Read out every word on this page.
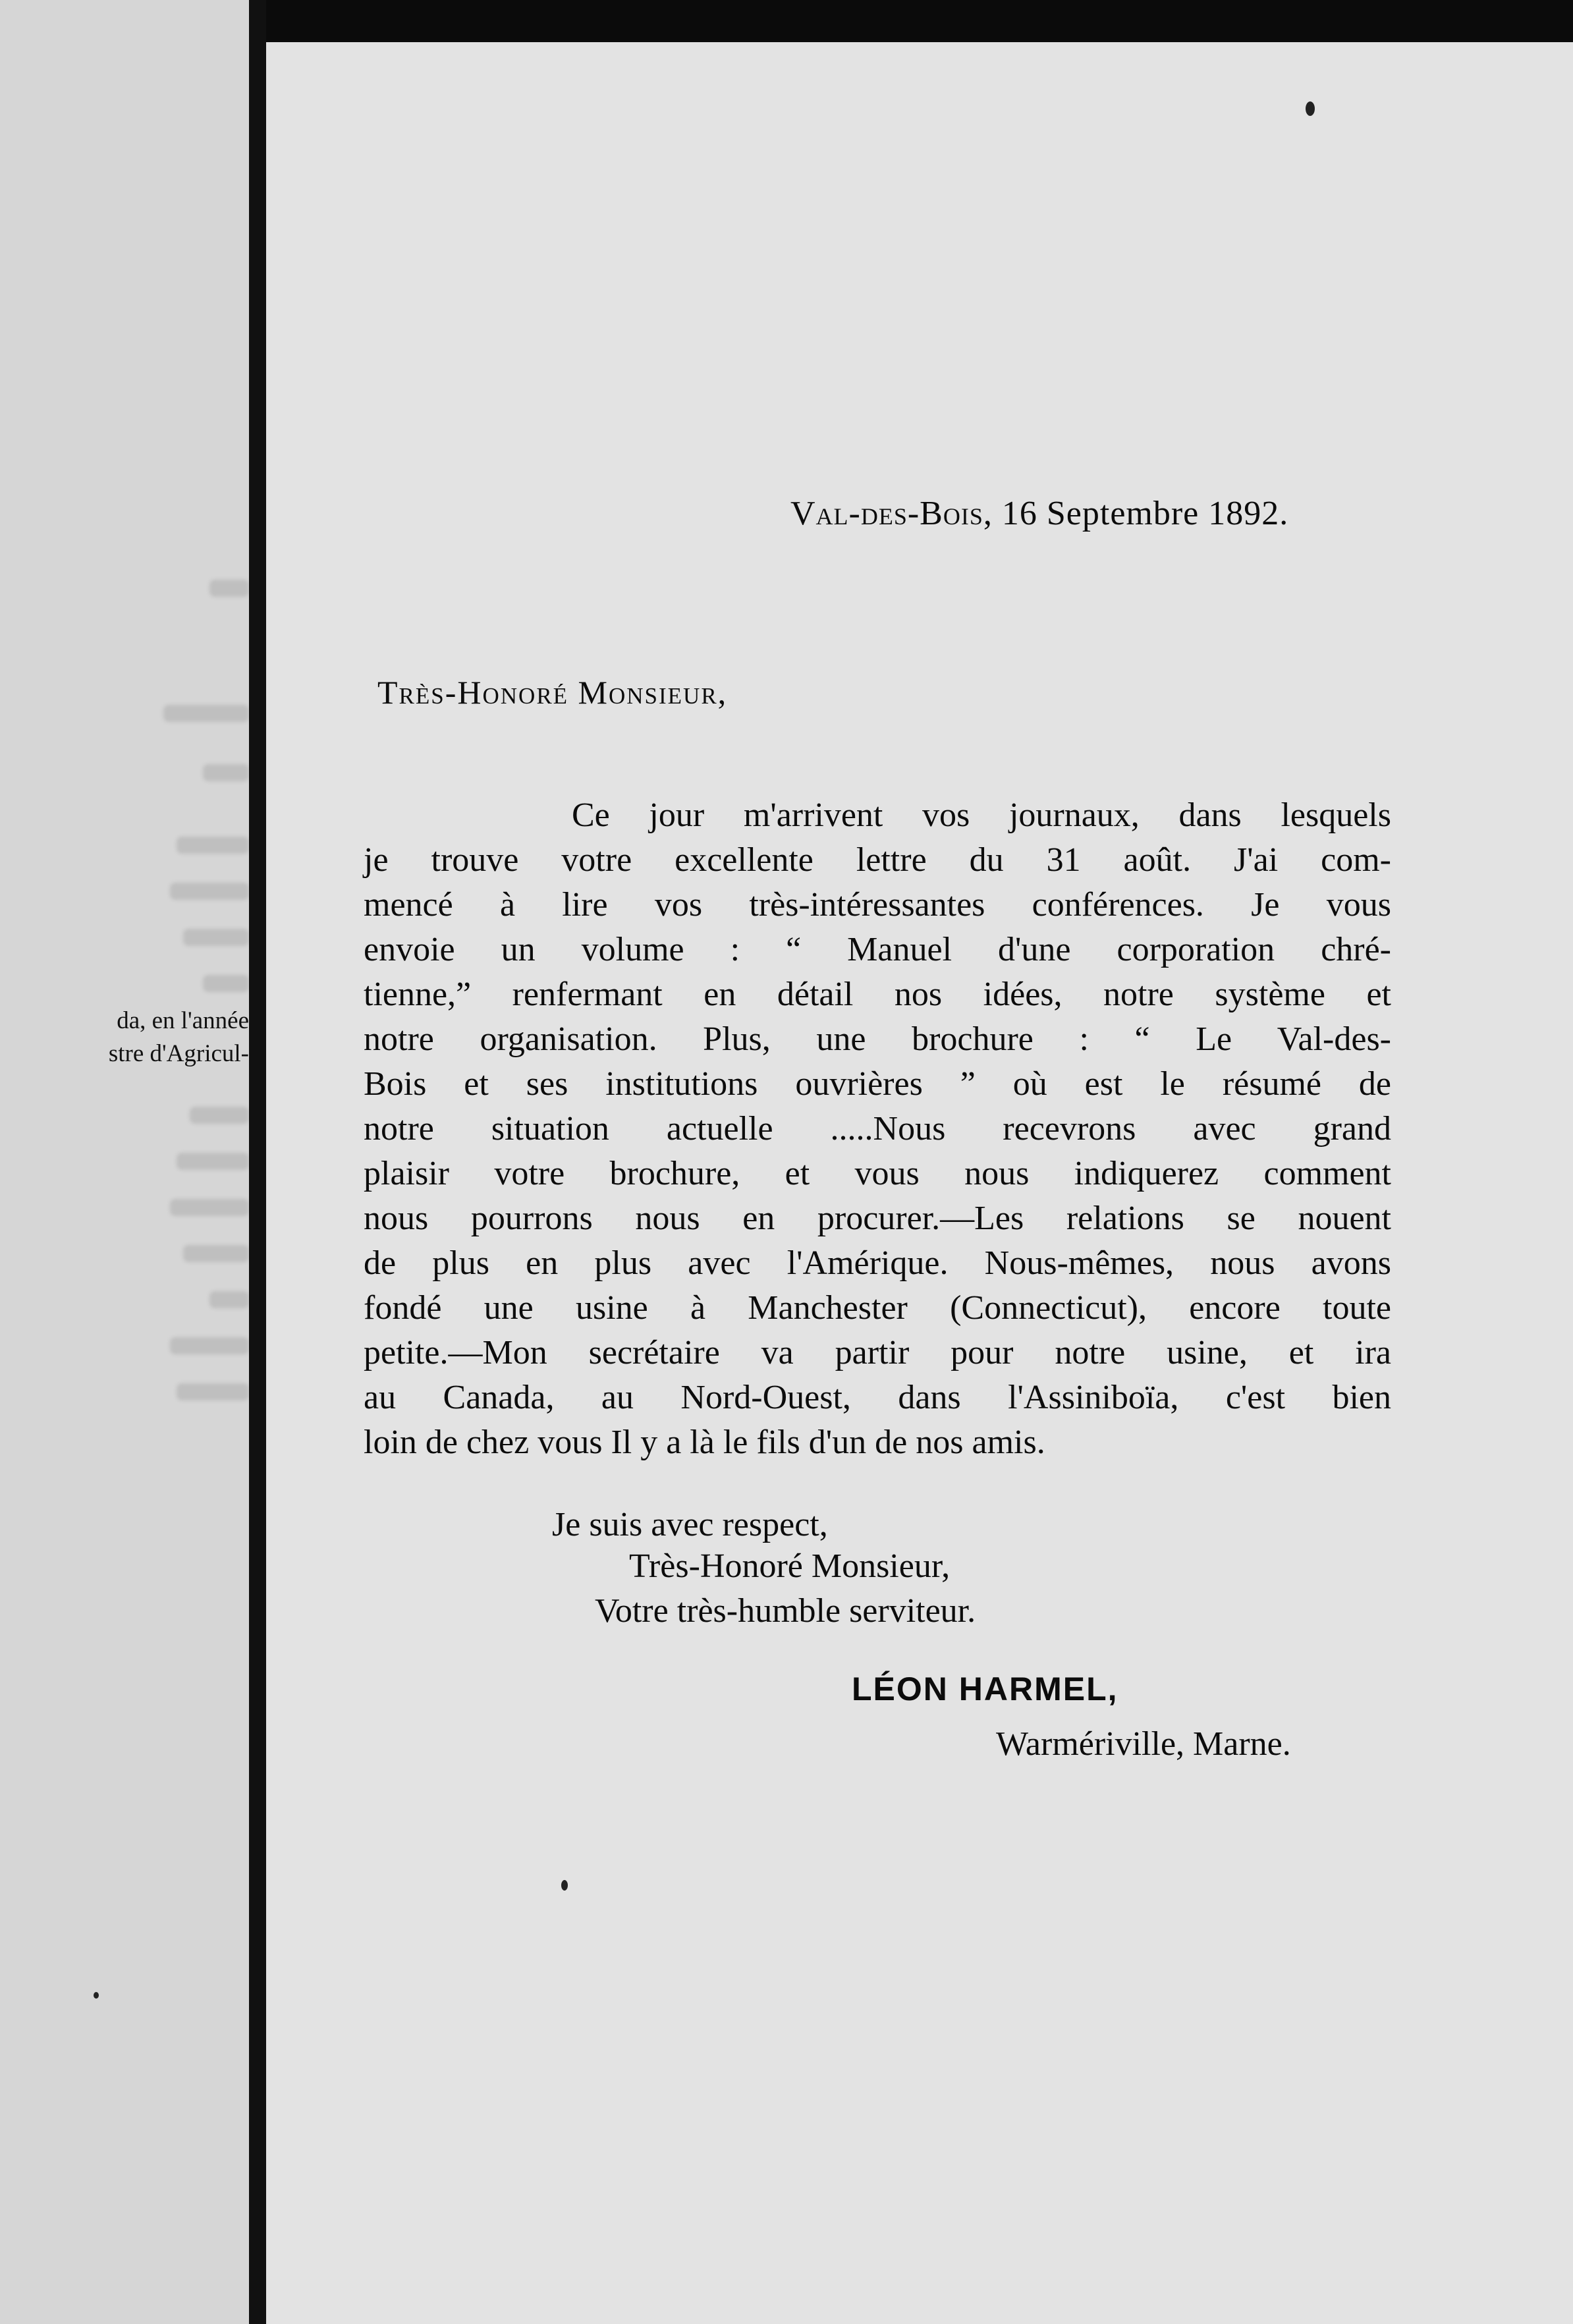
da, en l'année
stre d'Agricul-
Val-des-Bois, 16 Septembre 1892.
Très-Honoré Monsieur,
Ce jour m'arrivent vos journaux, dans lesquels
je trouve votre excellente lettre du 31 août. J'ai com-
mencé à lire vos très-intéressantes conférences. Je vous
envoie un volume : “ Manuel d'une corporation chré-
tienne,” renfermant en détail nos idées, notre système et
notre organisation. Plus, une brochure : “ Le Val-des-
Bois et ses institutions ouvrières ” où est le résumé de
notre situation actuelle .....Nous recevrons avec grand
plaisir votre brochure, et vous nous indiquerez comment
nous pourrons nous en procurer.—Les relations se nouent
de plus en plus avec l'Amérique. Nous-mêmes, nous avons
fondé une usine à Manchester (Connecticut), encore toute
petite.—Mon secrétaire va partir pour notre usine, et ira
au Canada, au Nord-Ouest, dans l'Assiniboïa, c'est bien
loin de chez vous Il y a là le fils d'un de nos amis.
Je suis avec respect,
Très-Honoré Monsieur,
Votre très-humble serviteur.
LÉON HARMEL,
Warmériville, Marne.
